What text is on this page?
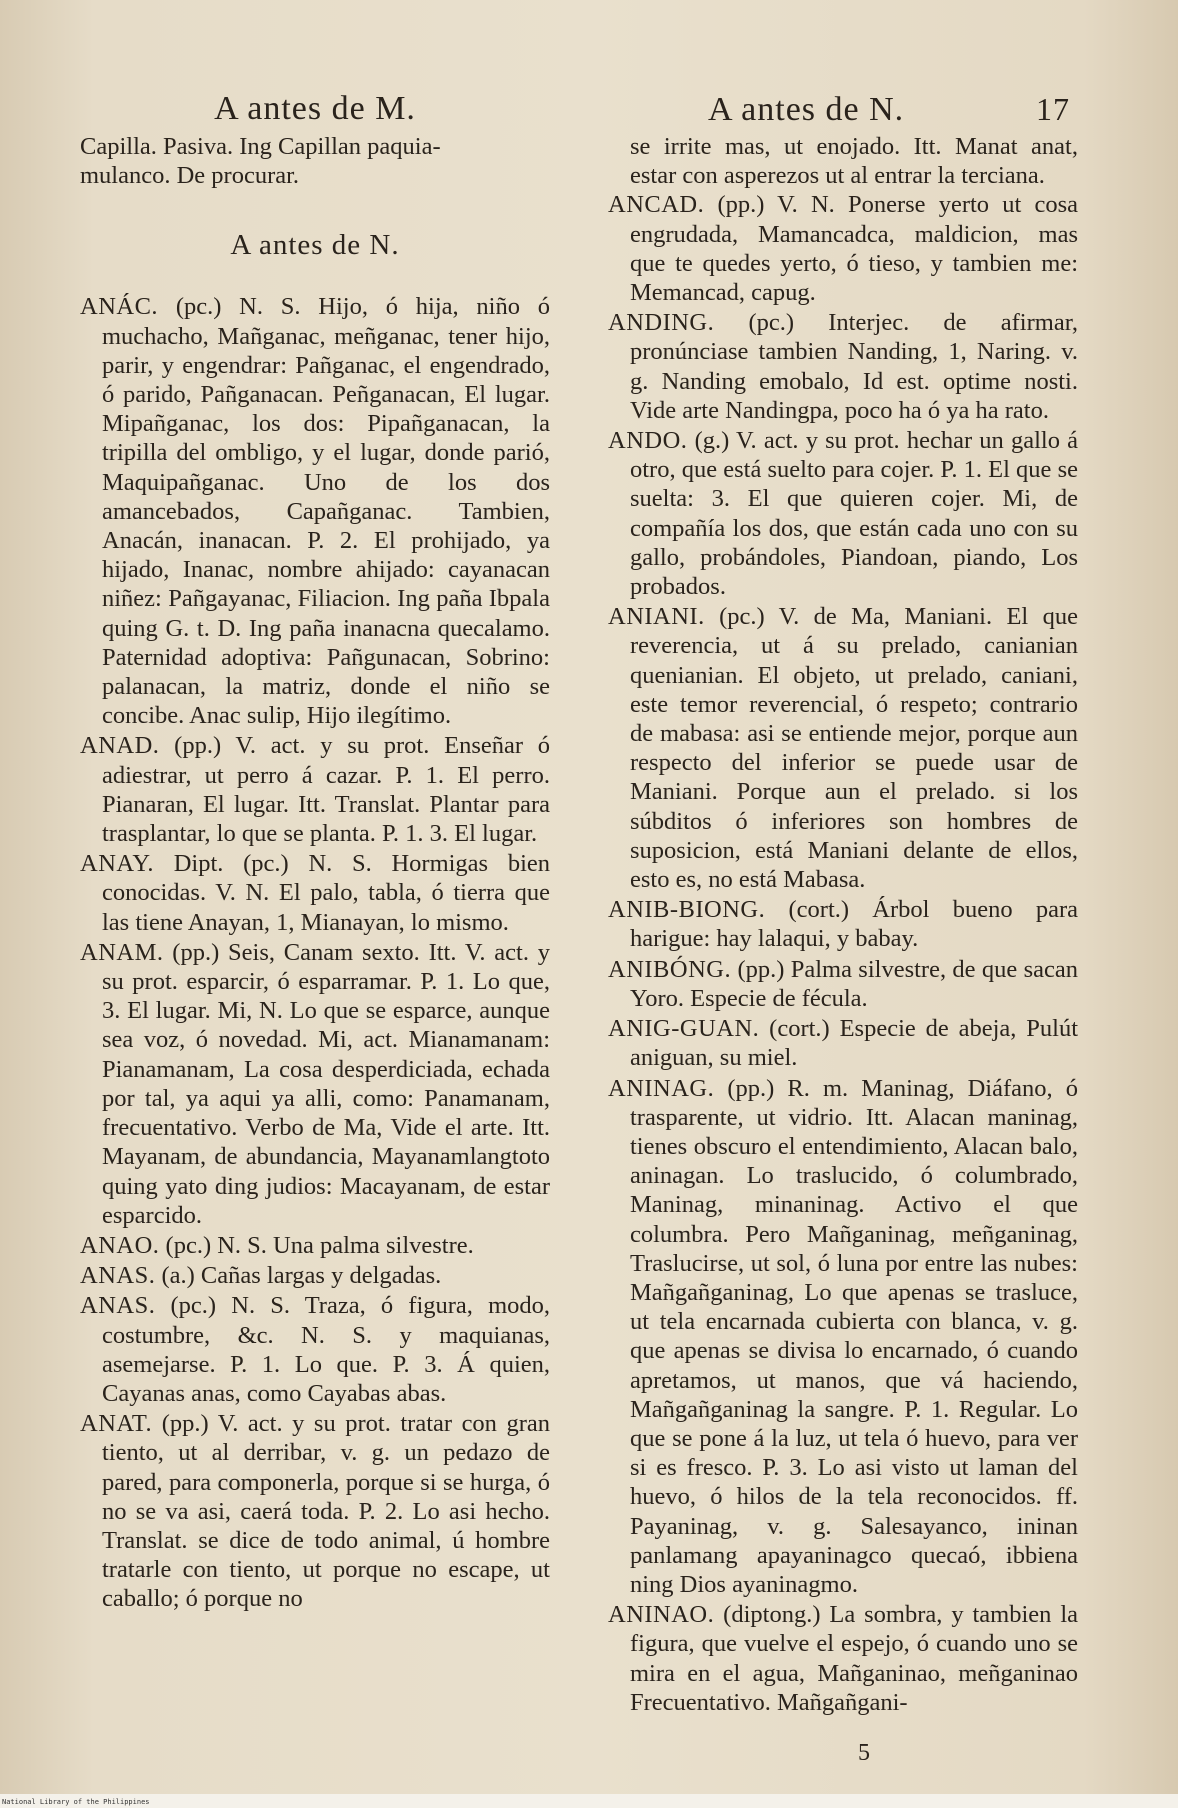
A antes de M.

Capilla. Pasiva. Ing Capillan paquia-

mulanco. De procurar.

A antes de N.

ANÁC. (pc.) N. S. Hijo, ó hija, niño ó muchacho, Mañganac, meñganac, tener hijo, parir, y engendrar: Pañganac, el engendrado, ó parido, Pañganacan. Peñganacan, El lugar. Mipañganac, los dos: Pipañganacan, la tripilla del ombligo, y el lugar, donde parió, Maquipañganac. Uno de los dos amancebados, Capañganac. Tambien, Anacán, inanacan. P. 2. El prohijado, ya hijado, Inanac, nombre ahijado: cayanacan niñez: Pañgayanac, Filiacion. Ing paña Ibpala quing G. t. D. Ing paña inanacna quecalamo. Paternidad adoptiva: Pañgunacan, Sobrino: palanacan, la matriz, donde el niño se concibe. Anac sulip, Hijo ilegítimo.

ANAD. (pp.) V. act. y su prot. Enseñar ó adiestrar, ut perro á cazar. P. 1. El perro. Pianaran, El lugar. Itt. Translat. Plantar para trasplantar, lo que se planta. P. 1. 3. El lugar.

ANAY. Dipt. (pc.) N. S. Hormigas bien conocidas. V. N. El palo, tabla, ó tierra que las tiene Anayan, 1, Mianayan, lo mismo.

ANAM. (pp.) Seis, Canam sexto. Itt. V. act. y su prot. esparcir, ó esparramar. P. 1. Lo que, 3. El lugar. Mi, N. Lo que se esparce, aunque sea voz, ó novedad. Mi, act. Mianamanam: Pianamanam, La cosa desperdiciada, echada por tal, ya aqui ya alli, como: Panamanam, frecuentativo. Verbo de Ma, Vide el arte. Itt. Mayanam, de abundancia, Mayanamlangtoto quing yato ding judios: Macayanam, de estar esparcido.

ANAO. (pc.) N. S. Una palma silvestre.

ANAS. (a.) Cañas largas y delgadas.

ANAS. (pc.) N. S. Traza, ó figura, modo, costumbre, &c. N. S. y maquianas, asemejarse. P. 1. Lo que. P. 3. Á quien, Cayanas anas, como Cayabas abas.

ANAT. (pp.) V. act. y su prot. tratar con gran tiento, ut al derribar, v. g. un pedazo de pared, para componerla, porque si se hurga, ó no se va asi, caerá toda. P. 2. Lo asi hecho. Translat. se dice de todo animal, ú hombre tratarle con tiento, ut porque no escape, ut caballo; ó porque no

A antes de N.	17

se irrite mas, ut enojado. Itt. Manat anat, estar con asperezos ut al entrar la terciana.

ANCAD. (pp.) V. N. Ponerse yerto ut cosa engrudada, Mamancadca, maldicion, mas que te quedes yerto, ó tieso, y tambien me: Memancad, capug.

ANDING. (pc.) Interjec. de afirmar, pronúnciase tambien Nanding, 1, Naring. v. g. Nanding emobalo, Id est. optime nosti. Vide arte Nandingpa, poco ha ó ya ha rato.

ANDO. (g.) V. act. y su prot. hechar un gallo á otro, que está suelto para cojer. P. 1. El que se suelta: 3. El que quieren cojer. Mi, de compañía los dos, que están cada uno con su gallo, probándoles, Piandoan, piando, Los probados.

ANIANI. (pc.) V. de Ma, Maniani. El que reverencia, ut á su prelado, canianian quenianian. El objeto, ut prelado, caniani, este temor reverencial, ó respeto; contrario de mabasa: asi se entiende mejor, porque aun respecto del inferior se puede usar de Maniani. Porque aun el prelado. si los súbditos ó inferiores son hombres de suposicion, está Maniani delante de ellos, esto es, no está Mabasa.

ANIB-BIONG. (cort.) Árbol bueno para harigue: hay lalaqui, y babay.

ANIBÓNG. (pp.) Palma silvestre, de que sacan Yoro. Especie de fécula.

ANIG-GUAN. (cort.) Especie de abeja, Pulút aniguan, su miel.

ANINAG. (pp.) R. m. Maninag, Diáfano, ó trasparente, ut vidrio. Itt. Alacan maninag, tienes obscuro el entendimiento, Alacan balo, aninagan. Lo traslucido, ó columbrado, Maninag, minaninag. Activo el que columbra. Pero Mañganinag, meñganinag, Traslucirse, ut sol, ó luna por entre las nubes: Mañgañganinag, Lo que apenas se trasluce, ut tela encarnada cubierta con blanca, v. g. que apenas se divisa lo encarnado, ó cuando apretamos, ut manos, que vá haciendo, Mañgañganinag la sangre. P. 1. Regular. Lo que se pone á la luz, ut tela ó huevo, para ver si es fresco. P. 3. Lo asi visto ut laman del huevo, ó hilos de la tela reconocidos. ff. Payaninag, v. g. Salesayanco, ininan panlamang apayaninagco quecaó, ibbiena ning Dios ayaninagmo.

ANINAO. (diptong.) La sombra, y tambien la figura, que vuelve el espejo, ó cuando uno se mira en el agua, Mañganinao, meñganinao Frecuentativo. Mañgañgani-

5
National Library of the Philippines
